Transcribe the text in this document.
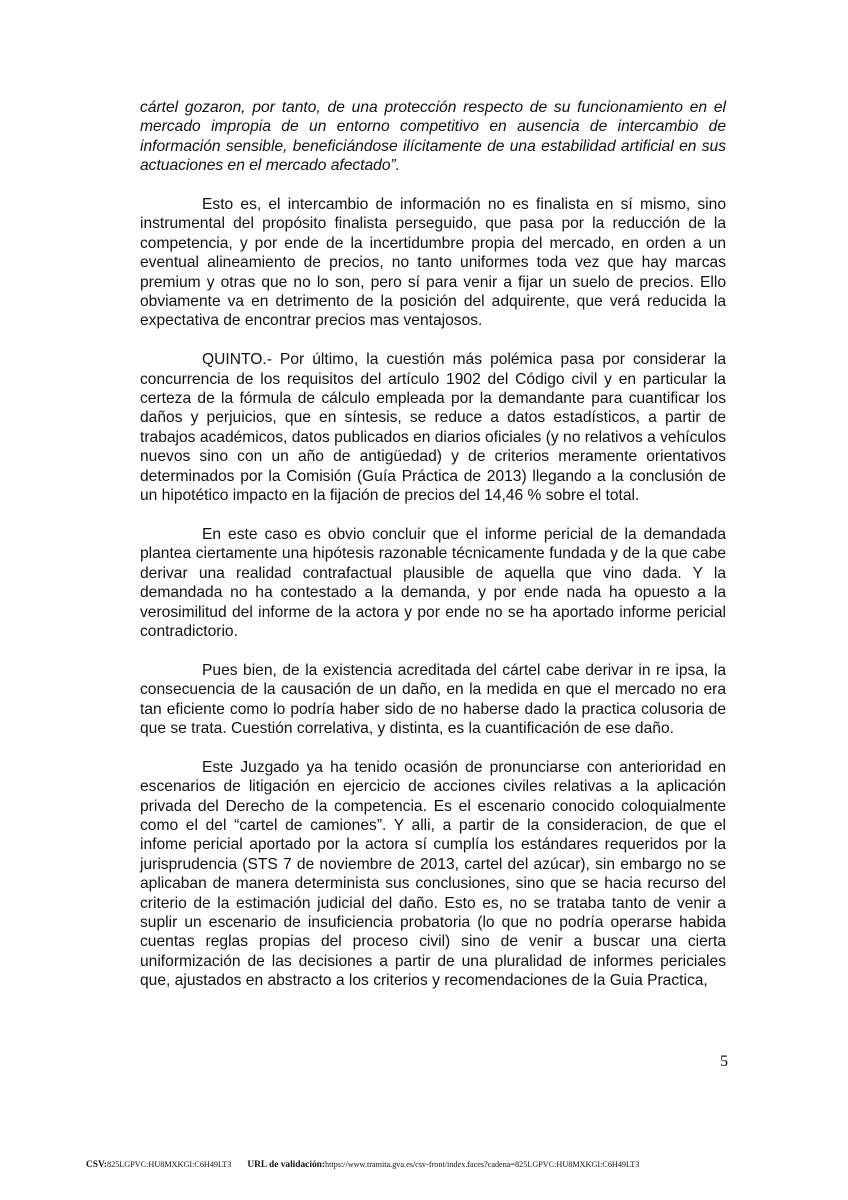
cártel gozaron, por tanto, de una protección respecto de su funcionamiento en el mercado impropia de un entorno competitivo en ausencia de intercambio de información sensible, beneficiándose ilícitamente de una estabilidad artificial en sus actuaciones en el mercado afectado”.

Esto es, el intercambio de información no es finalista en sí mismo, sino instrumental del propósito finalista perseguido, que pasa por la reducción de la competencia, y por ende de la incertidumbre propia del mercado, en orden a un eventual alineamiento de precios, no tanto uniformes toda vez que hay marcas premium y otras que no lo son, pero sí para venir a fijar un suelo de precios. Ello obviamente va en detrimento de la posición del adquirente, que verá reducida la expectativa de encontrar precios mas ventajosos.

QUINTO.- Por último, la cuestión más polémica pasa por considerar la concurrencia de los requisitos del artículo 1902 del Código civil y en particular la certeza de la fórmula de cálculo empleada por la demandante para cuantificar los daños y perjuicios, que en síntesis, se reduce a datos estadísticos, a partir de trabajos académicos, datos publicados en diarios oficiales (y no relativos a vehículos nuevos sino con un año de antigüedad) y de criterios meramente orientativos determinados por la Comisión (Guía Práctica de 2013) llegando a la conclusión de un hipotético impacto en la fijación de precios del 14,46 % sobre el total.

En este caso es obvio concluir que el informe pericial de la demandada plantea ciertamente una hipótesis razonable técnicamente fundada y de la que cabe derivar una realidad contrafactual plausible de aquella que vino dada. Y la demandada no ha contestado a la demanda, y por ende nada ha opuesto a la verosimilitud del informe de la actora y por ende no se ha aportado informe pericial contradictorio.

Pues bien, de la existencia acreditada del cártel cabe derivar in re ipsa, la consecuencia de la causación de un daño, en la medida en que el mercado no era tan eficiente como lo podría haber sido de no haberse dado la practica colusoria de que se trata. Cuestión correlativa, y distinta, es la cuantificación de ese daño.

Este Juzgado ya ha tenido ocasión de pronunciarse con anterioridad en escenarios de litigación en ejercicio de acciones civiles relativas a la aplicación privada del Derecho de la competencia. Es el escenario conocido coloquialmente como el del “cartel de camiones”. Y alli, a partir de la consideracion, de que el infome pericial aportado por la actora sí cumplía los estándares requeridos por la jurisprudencia (STS 7 de noviembre de 2013, cartel del azúcar), sin embargo no se aplicaban de manera determinista sus conclusiones, sino que se hacia recurso del criterio de la estimación judicial del daño. Esto es, no se trataba tanto de venir a suplir un escenario de insuficiencia probatoria (lo que no podría operarse habida cuentas reglas propias del proceso civil) sino de venir a buscar una cierta uniformización de las decisiones a partir de una pluralidad de informes periciales que, ajustados en abstracto a los criterios y recomendaciones de la Guia Practica,

5
CSV:825LGPVC:HU8MXKGI:C6H49LT3 URL de validación:https://www.tramita.gva.es/csv-front/index.faces?cadena=825LGPVC:HU8MXKGI:C6H49LT3
